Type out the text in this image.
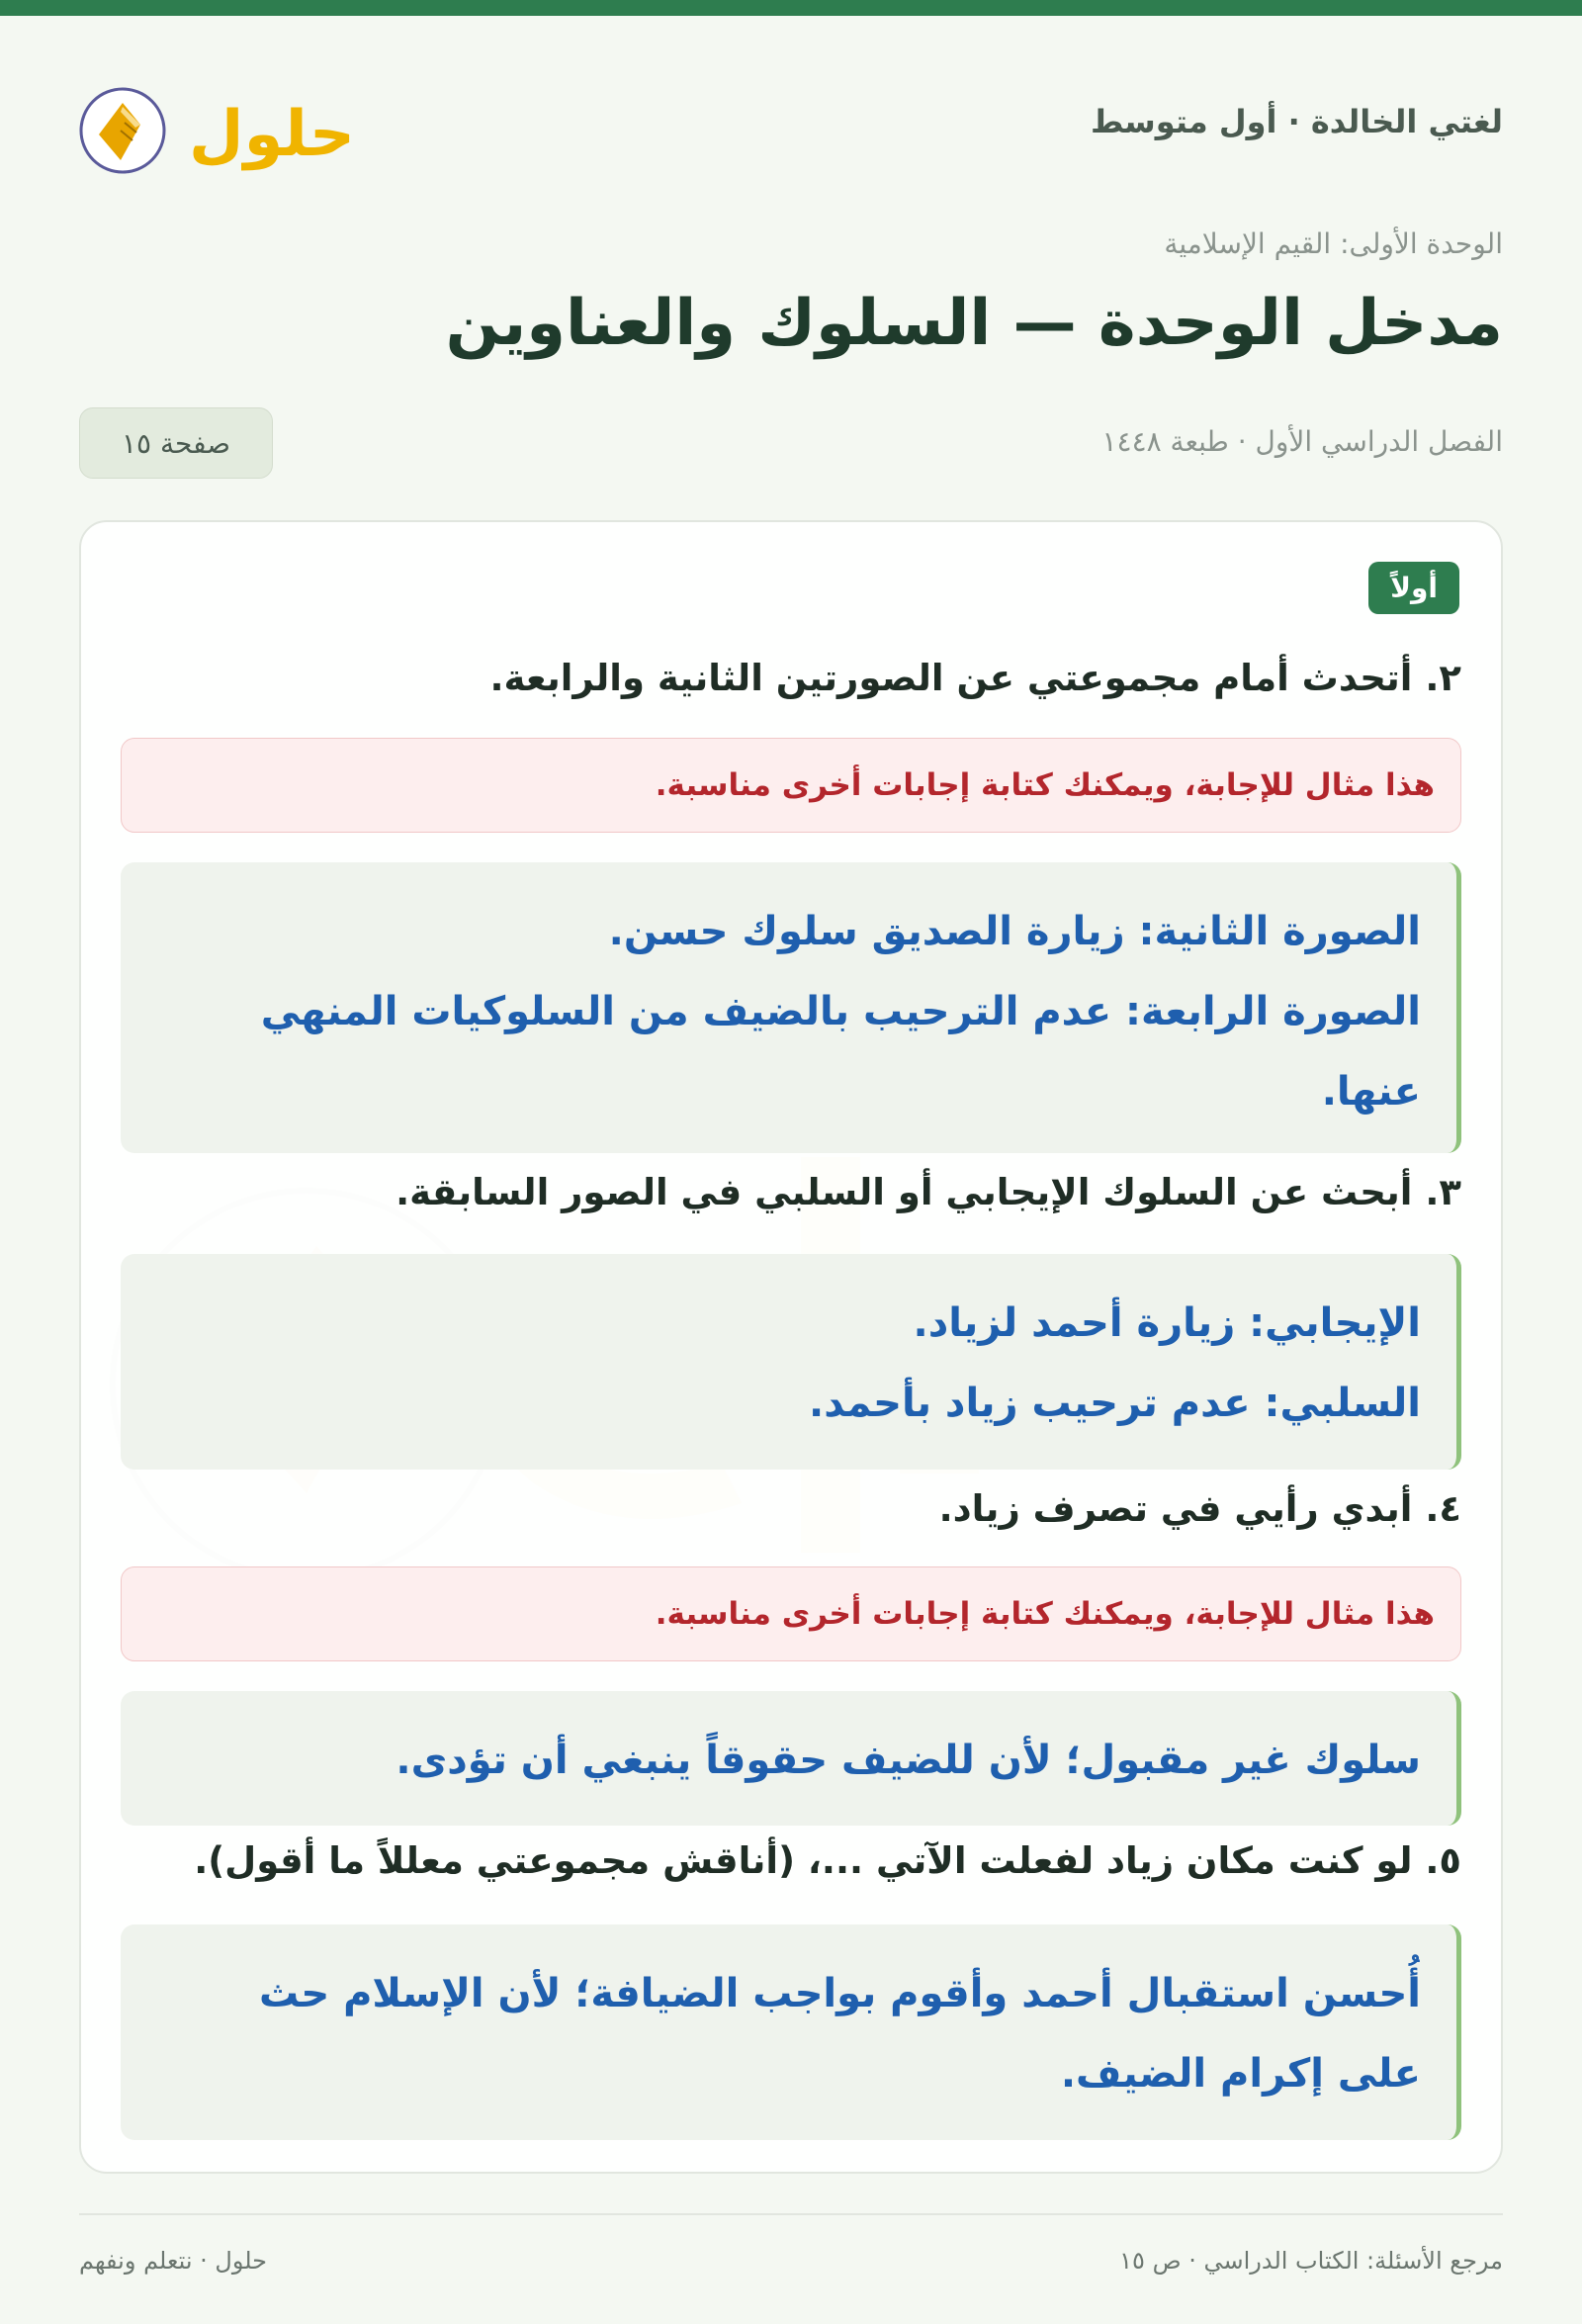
لغتي الخالدة · أول متوسط
حلول
الوحدة الأولى: القيم الإسلامية
مدخل الوحدة — السلوك والعناوين
الفصل الدراسي الأول · طبعة ١٤٤٨
صفحة ١٥
أولاً
٢. أتحدث أمام مجموعتي عن الصورتين الثانية والرابعة.
هذا مثال للإجابة، ويمكنك كتابة إجابات أخرى مناسبة.

الصورة الثانية: زيارة الصديق سلوك حسن.

الصورة الرابعة: عدم الترحيب بالضيف من السلوكيات المنهي

عنها.

٣. أبحث عن السلوك الإيجابي أو السلبي في الصور السابقة.

الإيجابي: زيارة أحمد لزياد.

السلبي: عدم ترحيب زياد بأحمد.

٤. أبدي رأيي في تصرف زياد.
هذا مثال للإجابة، ويمكنك كتابة إجابات أخرى مناسبة.

سلوك غير مقبول؛ لأن للضيف حقوقاً ينبغي أن تؤدى.

٥. لو كنت مكان زياد لفعلت الآتي ...، (أناقش مجموعتي معللاً ما أقول).

أُحسن استقبال أحمد وأقوم بواجب الضيافة؛ لأن الإسلام حث

على إكرام الضيف.

مرجع الأسئلة: الكتاب الدراسي · ص ١٥
حلول · نتعلم ونفهم
